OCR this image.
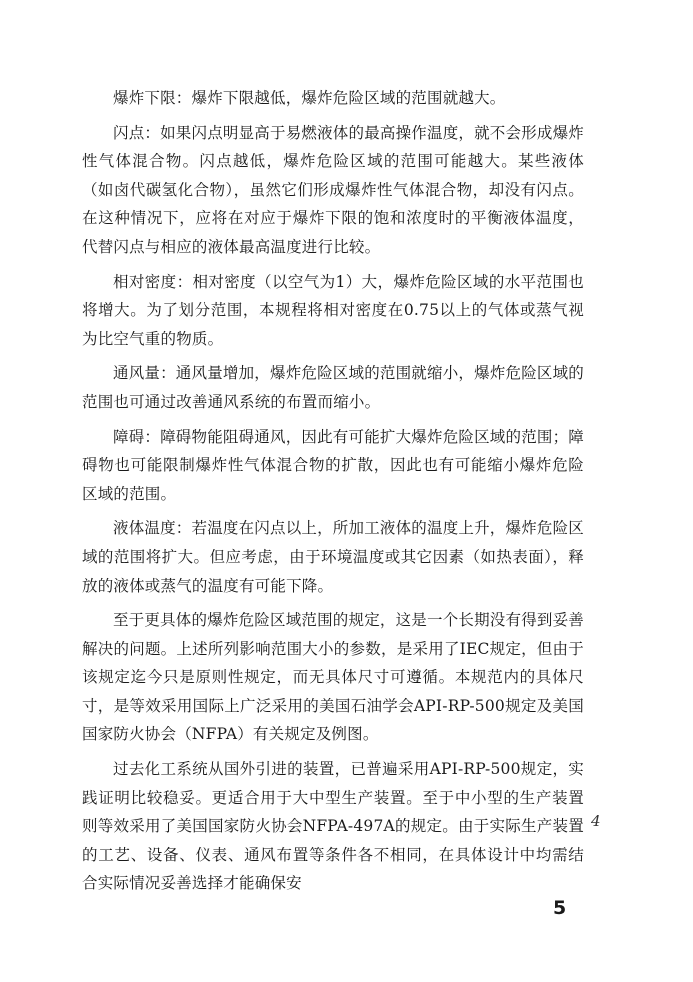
爆炸下限：爆炸下限越低，爆炸危险区域的范围就越大。

闪点：如果闪点明显高于易燃液体的最高操作温度，就不会形成爆炸性气体混合物。闪点越低，爆炸危险区域的范围可能越大。某些液体（如卤代碳氢化合物），虽然它们形成爆炸性气体混合物，却没有闪点。在这种情况下，应将在对应于爆炸下限的饱和浓度时的平衡液体温度，代替闪点与相应的液体最高温度进行比较。

相对密度：相对密度（以空气为1）大，爆炸危险区域的水平范围也将增大。为了划分范围，本规程将相对密度在0.75以上的气体或蒸气视为比空气重的物质。

通风量：通风量增加，爆炸危险区域的范围就缩小，爆炸危险区域的范围也可通过改善通风系统的布置而缩小。

障碍：障碍物能阻碍通风，因此有可能扩大爆炸危险区域的范围；障碍物也可能限制爆炸性气体混合物的扩散，因此也有可能缩小爆炸危险区域的范围。

液体温度：若温度在闪点以上，所加工液体的温度上升，爆炸危险区域的范围将扩大。但应考虑，由于环境温度或其它因素（如热表面），释放的液体或蒸气的温度有可能下降。

至于更具体的爆炸危险区域范围的规定，这是一个长期没有得到妥善解决的问题。上述所列影响范围大小的参数，是采用了IEC规定，但由于该规定迄今只是原则性规定，而无具体尺寸可遵循。本规范内的具体尺寸，是等效采用国际上广泛采用的美国石油学会API-RP-500规定及美国国家防火协会（NFPA）有关规定及例图。

过去化工系统从国外引进的装置，已普遍采用API-RP-500规定，实践证明比较稳妥。更适合用于大中型生产装置。至于中小型的生产装置则等效采用了美国国家防火协会NFPA-497A的规定。由于实际生产装置的工艺、设备、仪表、通风布置等条件各不相同，在具体设计中均需结合实际情况妥善选择才能确保安

4
5
